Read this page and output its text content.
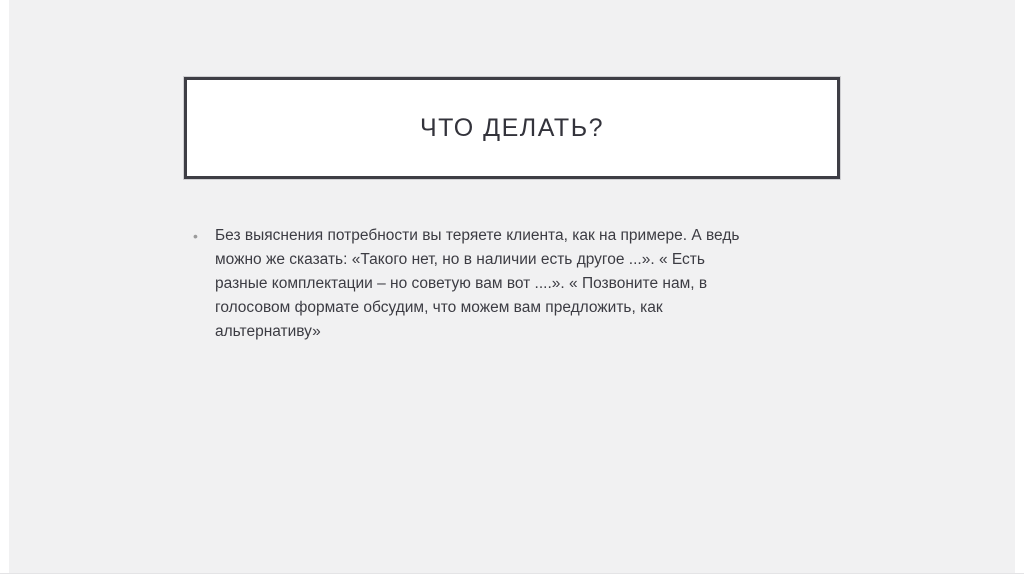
ЧТО ДЕЛАТЬ?
• Без выяснения потребности вы теряете клиента, как на примере. А ведь
можно же сказать: «Такого нет, но в наличии есть другое ...». « Есть
разные комплектации – но советую вам вот ....». « Позвоните нам, в
голосовом формате обсудим, что можем вам предложить, как
альтернативу»
